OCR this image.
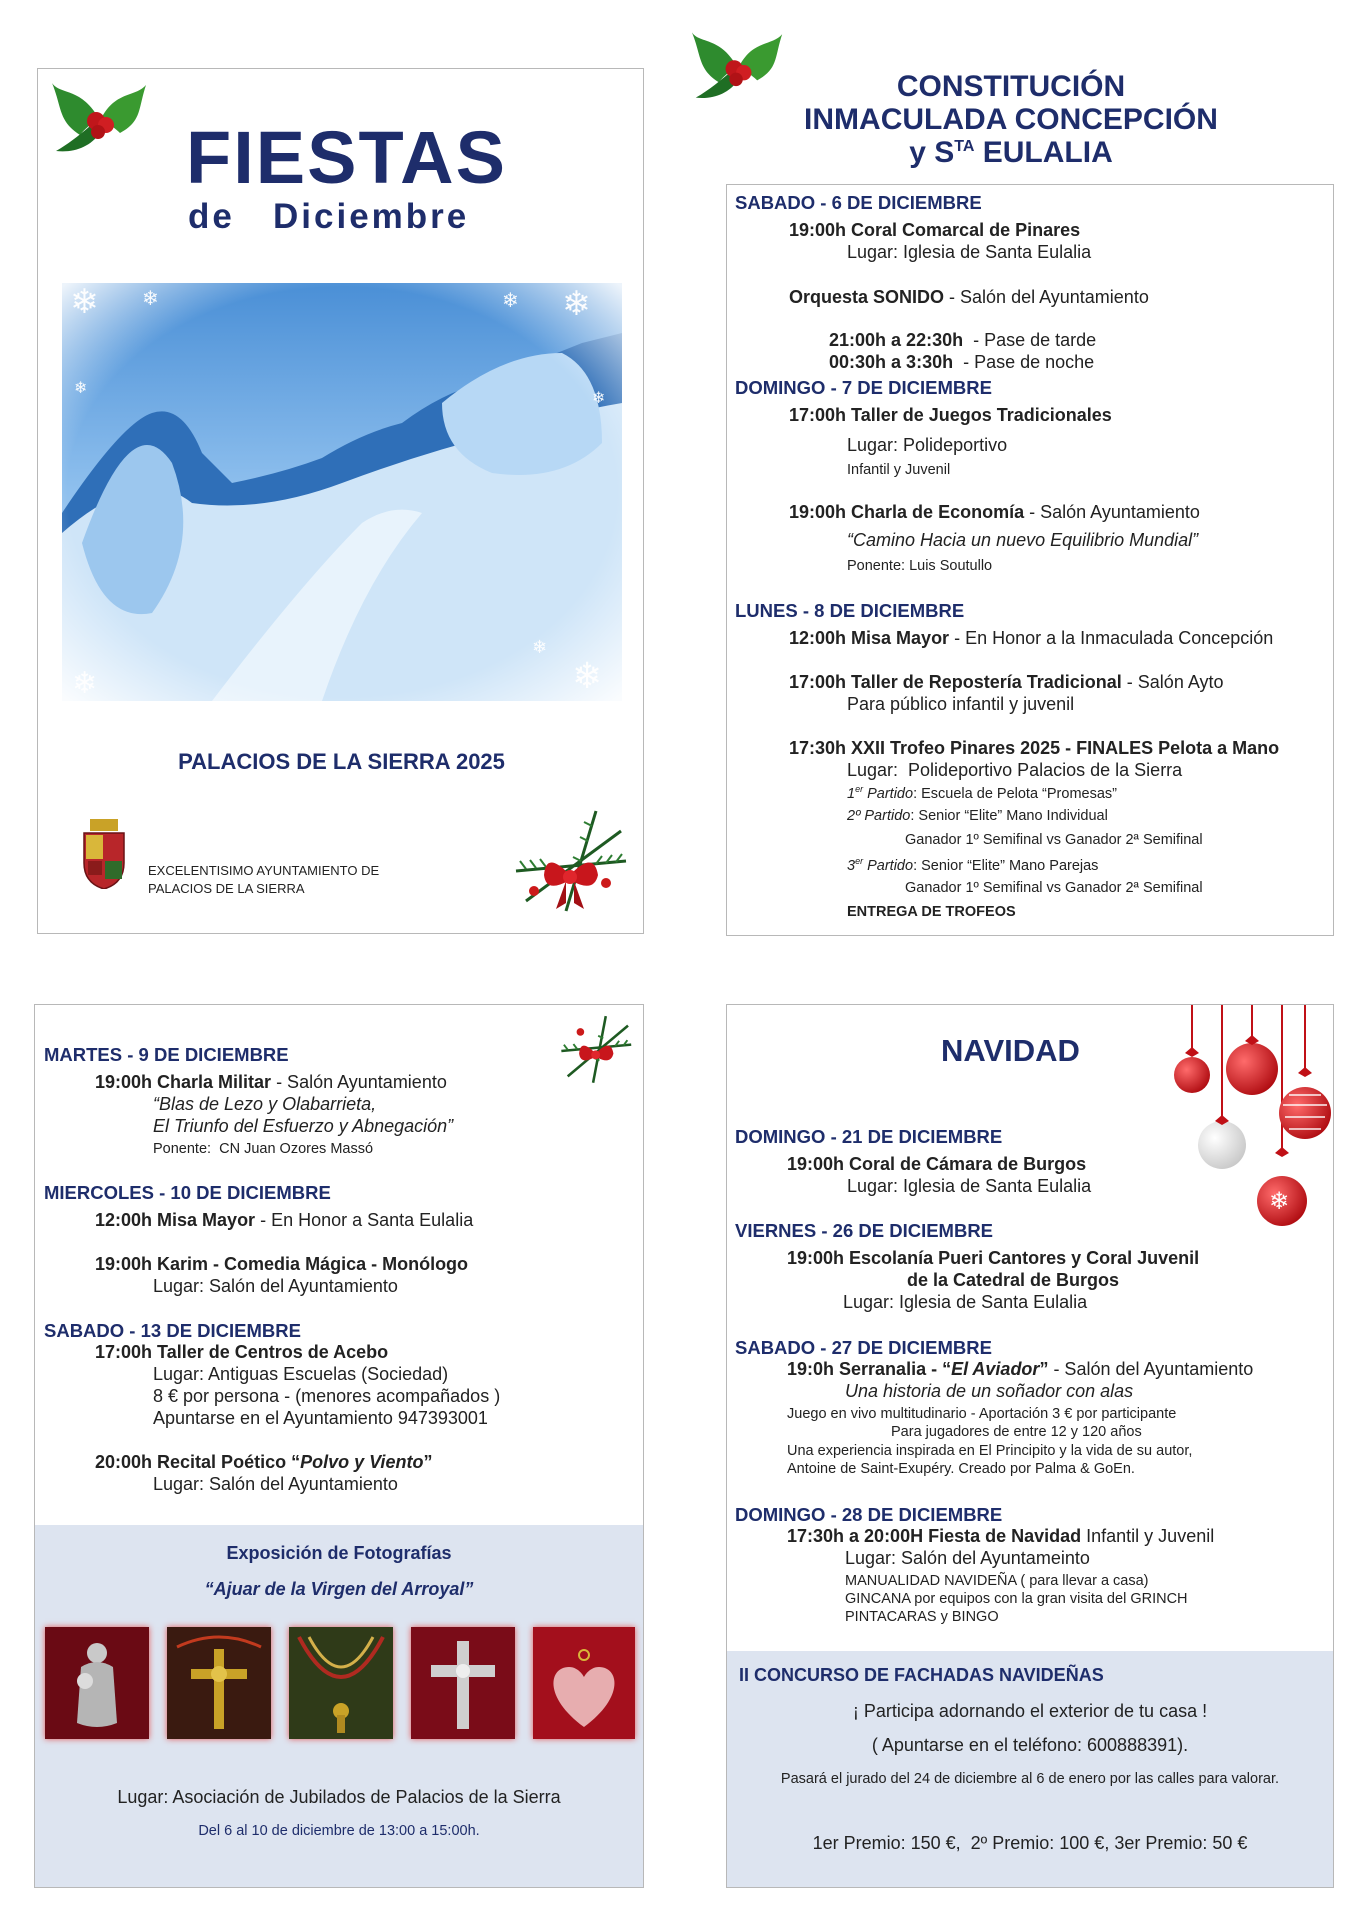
FIESTAS
de   Diciembre
PALACIOS DE LA SIERRA 2025
EXCELENTISIMO AYUNTAMIENTO DE
PALACIOS DE LA SIERRA
CONSTITUCIÓN
INMACULADA CONCEPCIÓN
y $S^{TA}$ EULALIA
SABADO - 6 DE DICIEMBRE
19:00h Coral Comarcal de Pinares
Lugar: Iglesia de Santa Eulalia
Orquesta SONIDO - Salón del Ayuntamiento

21:00h a 22:30h  - Pase de tarde

00:30h a 3:30h  - Pase de noche

DOMINGO - 7 DE DICIEMBRE
17:00h Taller de Juegos Tradicionales
Lugar: Polideportivo
Infantil y Juvenil
19:00h Charla de Economía - Salón Ayuntamiento
“Camino Hacia un nuevo Equilibrio Mundial”
Ponente: Luis Soutullo
LUNES - 8 DE DICIEMBRE
12:00h Misa Mayor - En Honor a la Inmaculada Concepción
17:00h Taller de Repostería Tradicional - Salón Ayto
Para público infantil y juvenil
17:30h XXII Trofeo Pinares 2025 - FINALES Pelota a Mano
Lugar:  Polideportivo Palacios de la Sierra
1er Partido: Escuela de Pelota “Promesas”
2º Partido: Senior “Elite” Mano Individual
Ganador 1º Semifinal vs Ganador 2ª Semifinal
3er Partido: Senior “Elite” Mano Parejas
Ganador 1º Semifinal vs Ganador 2ª Semifinal
ENTREGA DE TROFEOS
MARTES - 9 DE DICIEMBRE
19:00h Charla Militar - Salón Ayuntamiento
“Blas de Lezo y Olabarrieta,
El Triunfo del Esfuerzo y Abnegación”
Ponente:  CN Juan Ozores Massó
MIERCOLES - 10 DE DICIEMBRE
12:00h Misa Mayor - En Honor a Santa Eulalia
19:00h Karim - Comedia Mágica - Monólogo
Lugar: Salón del Ayuntamiento
SABADO - 13 DE DICIEMBRE
17:00h Taller de Centros de Acebo
Lugar: Antiguas Escuelas (Sociedad)
8 € por persona - (menores acompañados )
Apuntarse en el Ayuntamiento 947393001
20:00h Recital Poético “Polvo y Viento”
Lugar: Salón del Ayuntamiento
Exposición de Fotografías
“Ajuar de la Virgen del Arroyal”
Lugar: Asociación de Jubilados de Palacios de la Sierra
Del 6 al 10 de diciembre de 13:00 a 15:00h.
NAVIDAD
❄
DOMINGO - 21 DE DICIEMBRE
19:00h Coral de Cámara de Burgos
Lugar: Iglesia de Santa Eulalia
VIERNES - 26 DE DICIEMBRE
19:00h Escolanía Pueri Cantores y Coral Juvenil
de la Catedral de Burgos
Lugar: Iglesia de Santa Eulalia
SABADO - 27 DE DICIEMBRE
19:0h Serranalia - “El Aviador” - Salón del Ayuntamiento
Una historia de un soñador con alas
Juego en vivo multitudinario - Aportación 3 € por participante
Para jugadores de entre 12 y 120 años
Una experiencia inspirada en El Principito y la vida de su autor,
Antoine de Saint-Exupéry. Creado por Palma & GoEn.
DOMINGO - 28 DE DICIEMBRE
17:30h a 20:00H Fiesta de Navidad Infantil y Juvenil
Lugar: Salón del Ayuntameinto
MANUALIDAD NAVIDEÑA ( para llevar a casa)
GINCANA por equipos con la gran visita del GRINCH
PINTACARAS y BINGO
II CONCURSO DE FACHADAS NAVIDEÑAS
¡ Participa adornando el exterior de tu casa !
( Apuntarse en el teléfono: 600888391).
Pasará el jurado del 24 de diciembre al 6 de enero por las calles para valorar.
1er Premio: 150 €,  2º Premio: 100 €, 3er Premio: 50 €
